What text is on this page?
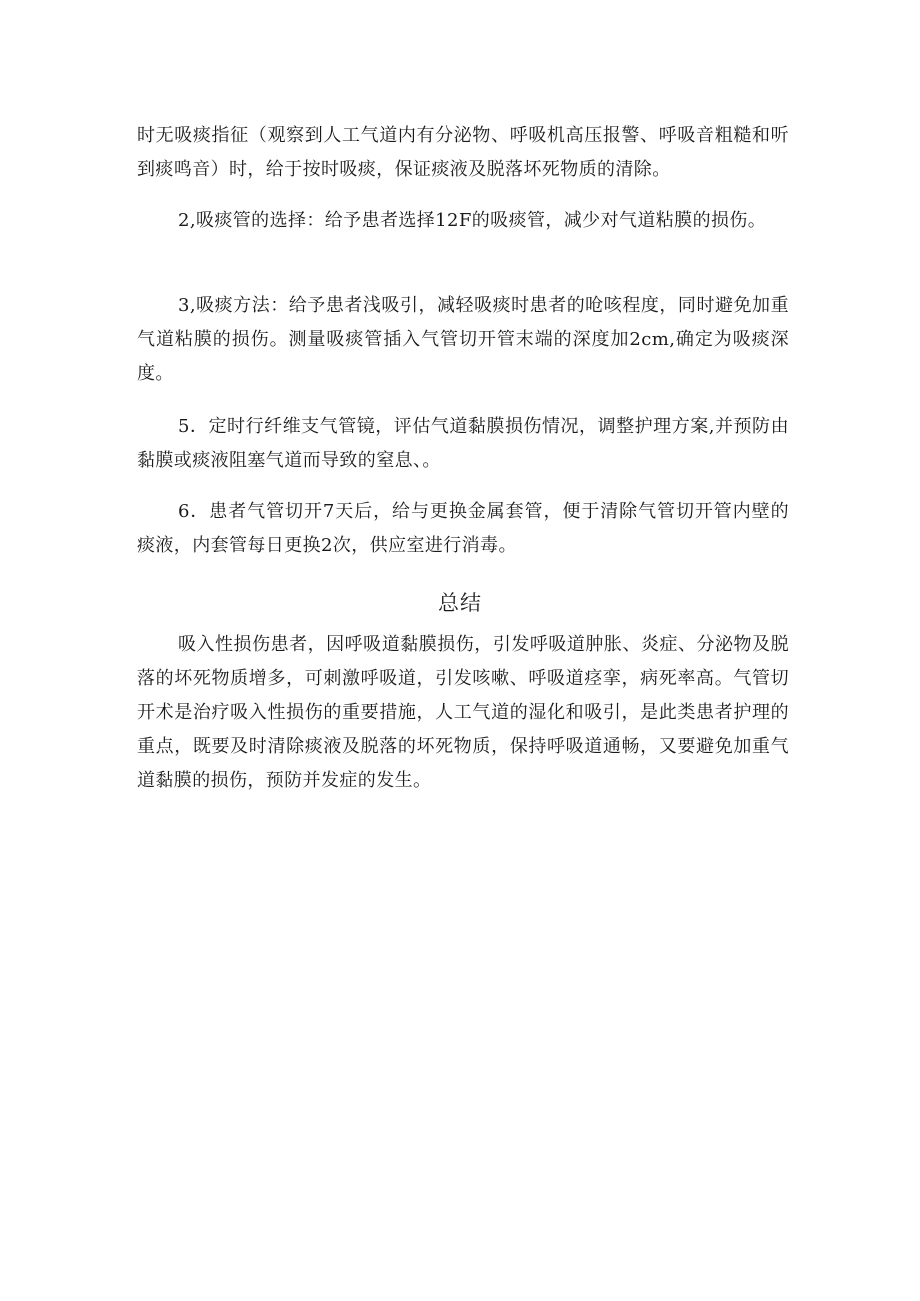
时无吸痰指征（观察到人工气道内有分泌物、呼吸机高压报警、呼吸音粗糙和听到痰鸣音）时，给于按时吸痰，保证痰液及脱落坏死物质的清除。

2,吸痰管的选择：给予患者选择12F的吸痰管，减少对气道粘膜的损伤。

3,吸痰方法：给予患者浅吸引，减轻吸痰时患者的呛咳程度，同时避免加重气道粘膜的损伤。测量吸痰管插入气管切开管末端的深度加2cm,确定为吸痰深度。

5．定时行纤维支气管镜，评估气道黏膜损伤情况，调整护理方案,并预防由黏膜或痰液阻塞气道而导致的窒息、。

6．患者气管切开7天后，给与更换金属套管，便于清除气管切开管内壁的痰液，内套管每日更换2次，供应室进行消毒。

总结

吸入性损伤患者，因呼吸道黏膜损伤，引发呼吸道肿胀、炎症、分泌物及脱落的坏死物质增多，可刺激呼吸道，引发咳嗽、呼吸道痉挛，病死率高。气管切开术是治疗吸入性损伤的重要措施，人工气道的湿化和吸引，是此类患者护理的重点，既要及时清除痰液及脱落的坏死物质，保持呼吸道通畅，又要避免加重气道黏膜的损伤，预防并发症的发生。
